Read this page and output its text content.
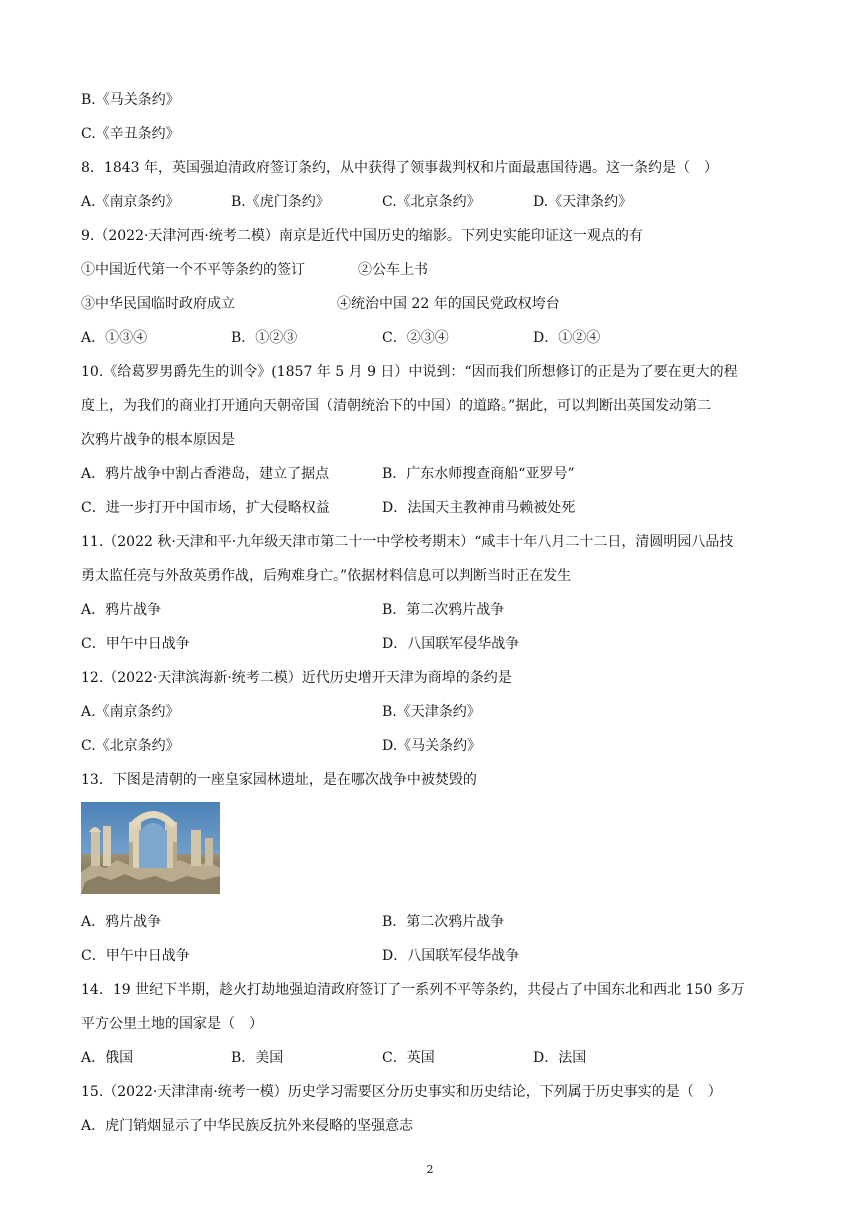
B.《马关条约》
C.《辛丑条约》
8．1843 年，英国强迫清政府签订条约，从中获得了领事裁判权和片面最惠国待遇。这一条约是（　）
A.《南京条约》	B.《虎门条约》	C.《北京条约》	D.《天津条约》
9.（2022·天津河西·统考二模）南京是近代中国历史的缩影。下列史实能印证这一观点的有
①中国近代第一个不平等条约的签订	②公车上书
③中华民国临时政府成立	④统治中国 22 年的国民党政权垮台
A．①③④	B．①②③	C．②③④	D．①②④
10.《给葛罗男爵先生的训令》(1857 年 5 月 9 日）中说到：“因而我们所想修订的正是为了要在更大的程
度上，为我们的商业打开通向天朝帝国（清朝统治下的中国）的道路。”据此，可以判断出英国发动第二
次鸦片战争的根本原因是
A．鸦片战争中割占香港岛，建立了据点	B．广东水师搜查商船“亚罗号”
C．进一步打开中国市场，扩大侵略权益	D．法国天主教神甫马赖被处死
11.（2022 秋·天津和平·九年级天津市第二十一中学校考期末）“咸丰十年八月二十二日，清圆明园八品技
勇太监任亮与外敌英勇作战，后殉难身亡。”依据材料信息可以判断当时正在发生
A．鸦片战争	B．第二次鸦片战争
C．甲午中日战争	D．八国联军侵华战争
12.（2022·天津滨海新·统考二模）近代历史增开天津为商埠的条约是
A.《南京条约》	B.《天津条约》
C.《北京条约》	D.《马关条约》
13．下图是清朝的一座皇家园林遗址，是在哪次战争中被焚毁的
A．鸦片战争	B．第二次鸦片战争
C．甲午中日战争	D．八国联军侵华战争
14．19 世纪下半期，趁火打劫地强迫清政府签订了一系列不平等条约，共侵占了中国东北和西北 150 多万
平方公里土地的国家是（　）
A．俄国	B．美国	C．英国	D．法国
15.（2022·天津津南·统考一模）历史学习需要区分历史事实和历史结论，下列属于历史事实的是（　）
A．虎门销烟显示了中华民族反抗外来侵略的坚强意志
2
